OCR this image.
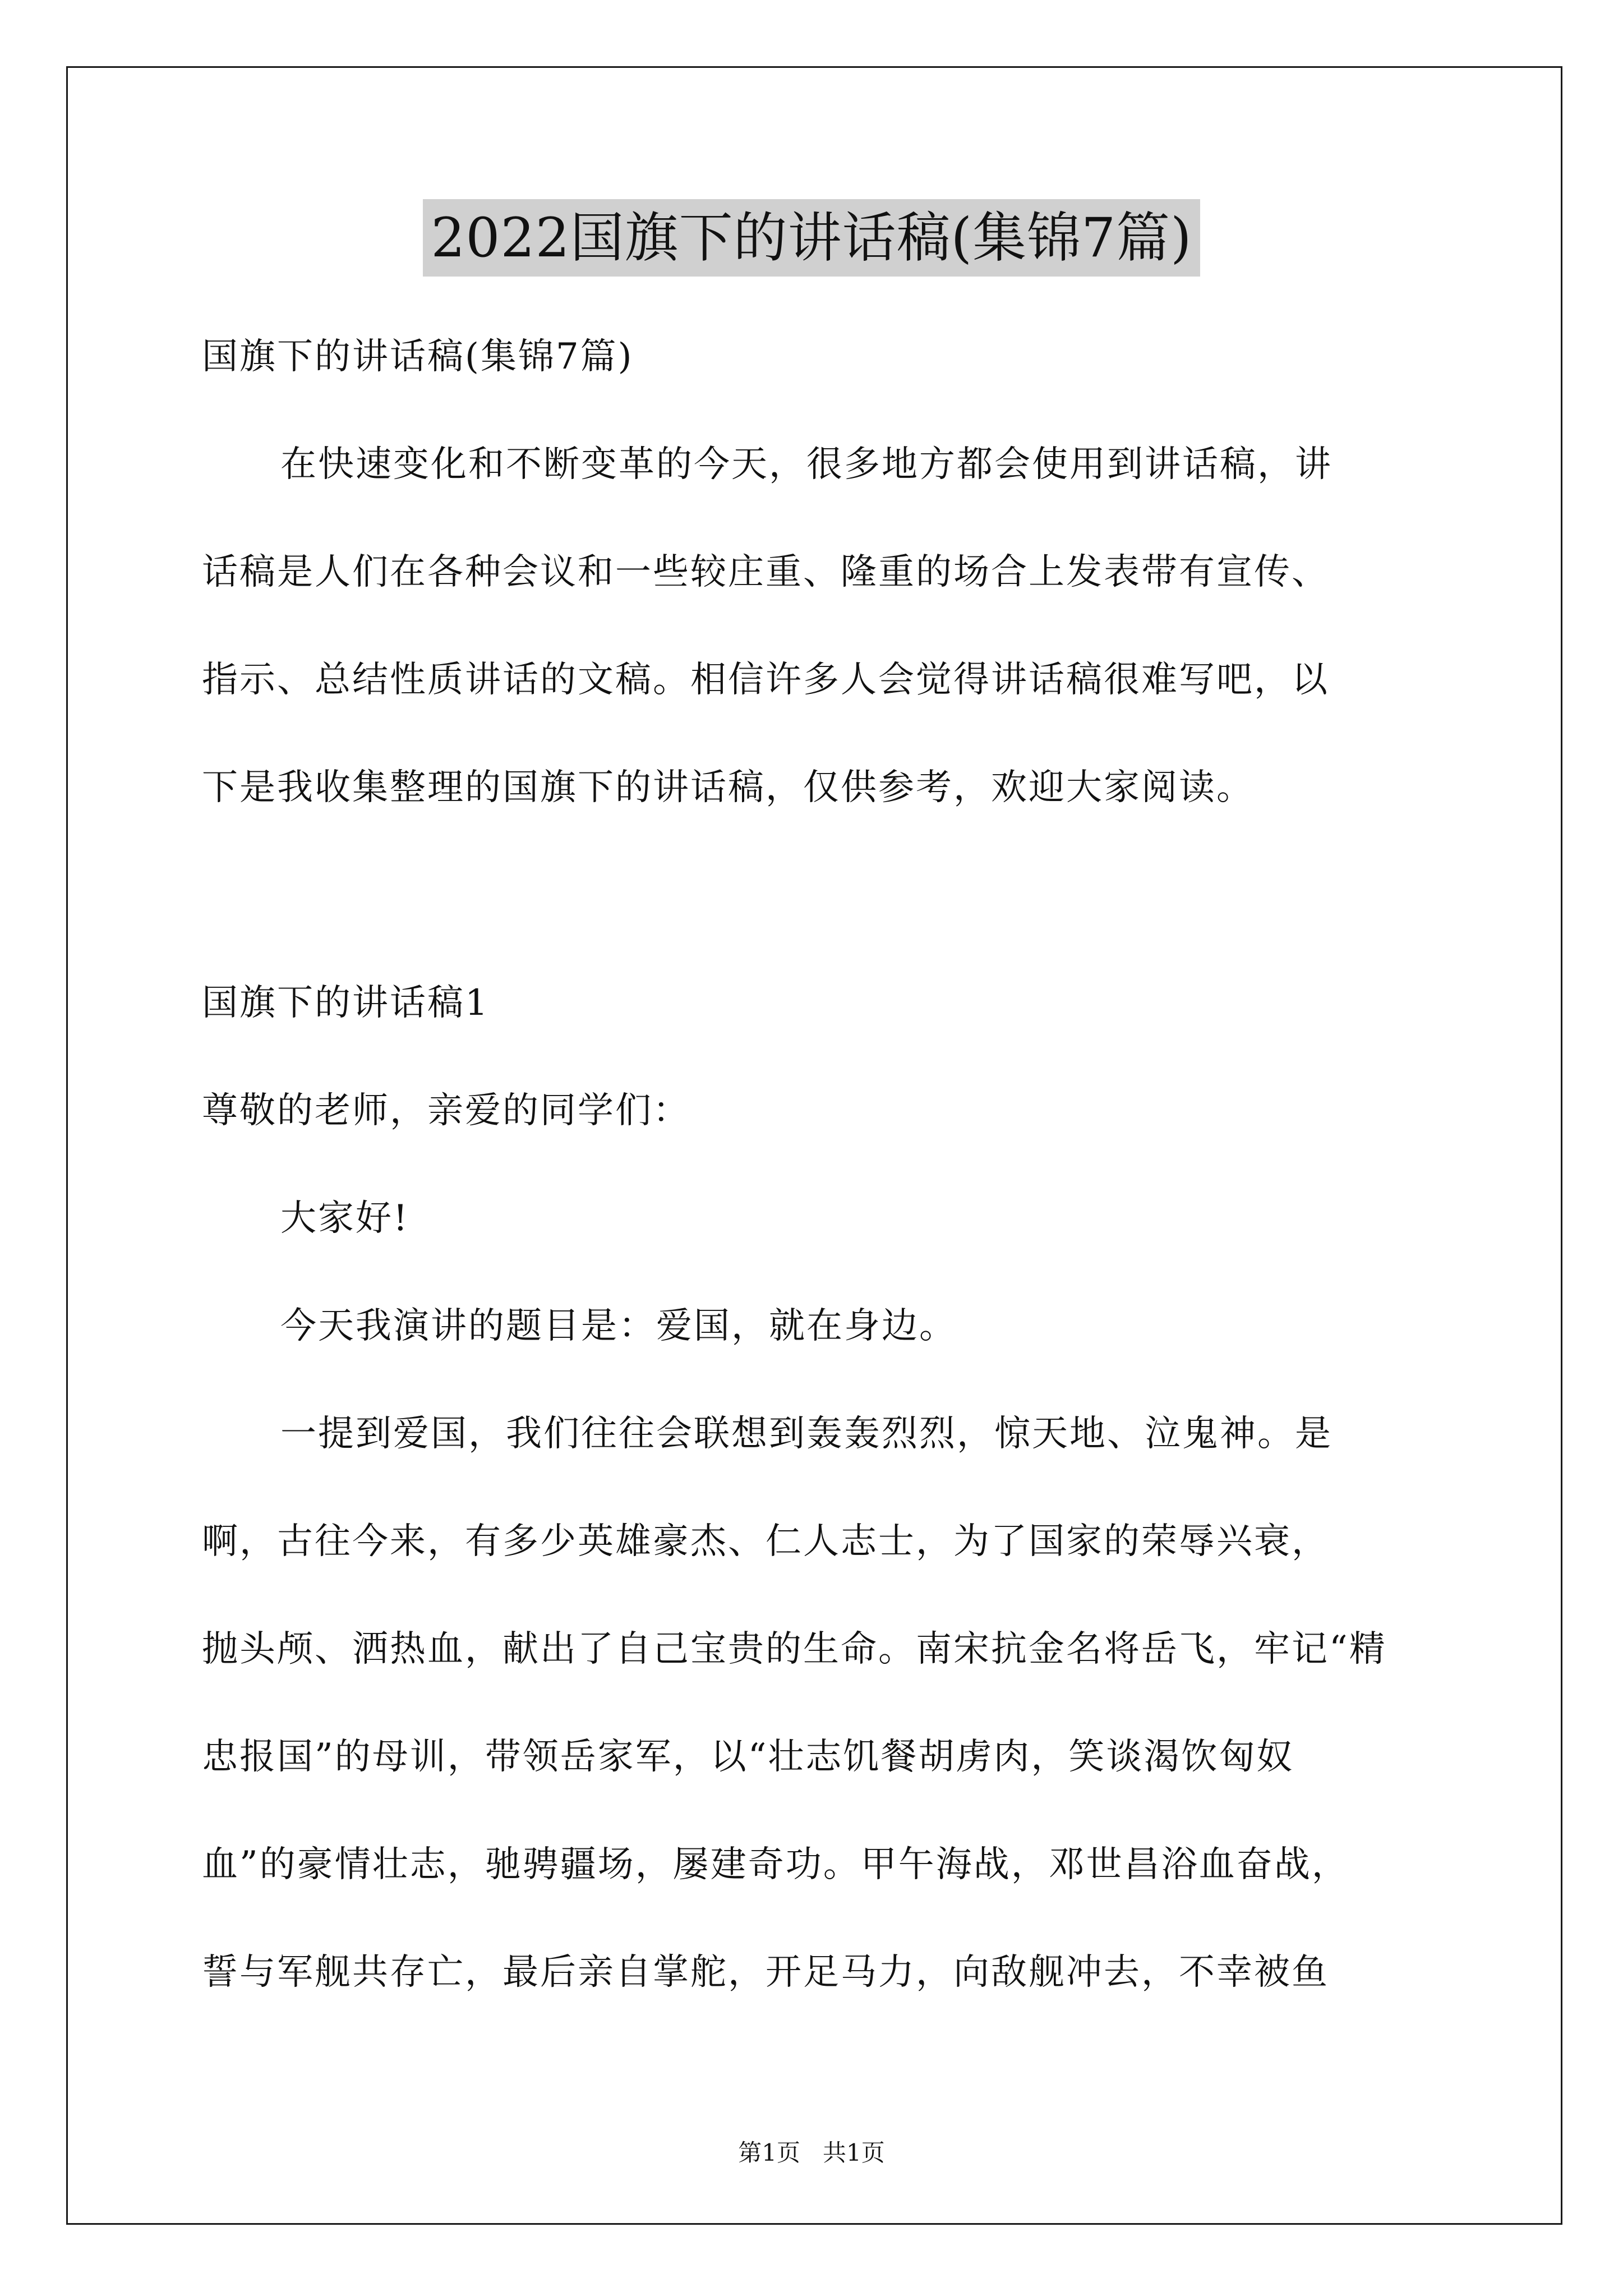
2022国旗下的讲话稿(集锦7篇)
国旗下的讲话稿(集锦7篇)
在快速变化和不断变革的今天，很多地方都会使用到讲话稿，讲
话稿是人们在各种会议和一些较庄重、隆重的场合上发表带有宣传、
指示、总结性质讲话的文稿。相信许多人会觉得讲话稿很难写吧，以
下是我收集整理的国旗下的讲话稿，仅供参考，欢迎大家阅读。
国旗下的讲话稿1
尊敬的老师，亲爱的同学们：
大家好!
今天我演讲的题目是：爱国，就在身边。
一提到爱国，我们往往会联想到轰轰烈烈，惊天地、泣鬼神。是
啊，古往今来，有多少英雄豪杰、仁人志士，为了国家的荣辱兴衰，
抛头颅、洒热血，献出了自己宝贵的生命。南宋抗金名将岳飞，牢记“精
忠报国”的母训，带领岳家军，以“壮志饥餐胡虏肉，笑谈渴饮匈奴
血”的豪情壮志，驰骋疆场，屡建奇功。甲午海战，邓世昌浴血奋战，
誓与军舰共存亡，最后亲自掌舵，开足马力，向敌舰冲去，不幸被鱼
第1页   共1页
